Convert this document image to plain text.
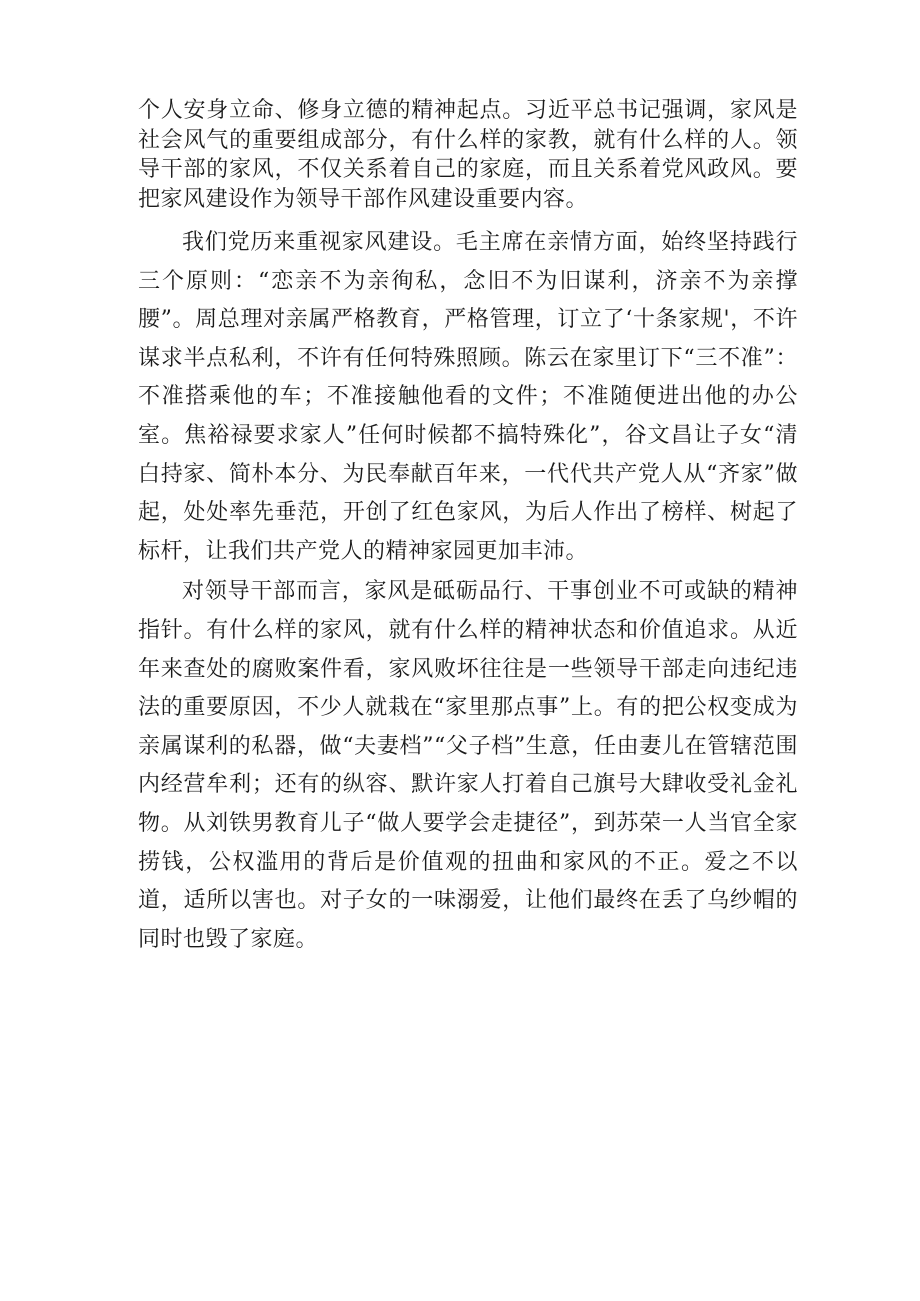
个人安身立命、修身立德的精神起点。习近平总书记强调，家风是社会风气的重要组成部分，有什么样的家教，就有什么样的人。领导干部的家风，不仅关系着自己的家庭，而且关系着党风政风。要把家风建设作为领导干部作风建设重要内容。

我们党历来重视家风建设。毛主席在亲情方面，始终坚持践行三个原则：“恋亲不为亲徇私，念旧不为旧谋利，济亲不为亲撑腰”。周总理对亲属严格教育，严格管理，订立了‘十条家规'，不许谋求半点私利，不许有任何特殊照顾。陈云在家里订下“三不准”：不准搭乘他的车；不准接触他看的文件；不准随便进出他的办公室。焦裕禄要求家人”任何时候都不搞特殊化”，谷文昌让子女“清白持家、简朴本分、为民奉献百年来，一代代共产党人从“齐家”做起，处处率先垂范，开创了红色家风，为后人作出了榜样、树起了标杆，让我们共产党人的精神家园更加丰沛。

对领导干部而言，家风是砥砺品行、干事创业不可或缺的精神指针。有什么样的家风，就有什么样的精神状态和价值追求。从近年来查处的腐败案件看，家风败坏往往是一些领导干部走向违纪违法的重要原因，不少人就栽在“家里那点事”上。有的把公权变成为亲属谋利的私器，做“夫妻档”“父子档”生意，任由妻儿在管辖范围内经营牟利；还有的纵容、默许家人打着自己旗号大肆收受礼金礼物。从刘铁男教育儿子“做人要学会走捷径”，到苏荣一人当官全家捞钱，公权滥用的背后是价值观的扭曲和家风的不正。爱之不以道，适所以害也。对子女的一味溺爱，让他们最终在丢了乌纱帽的同时也毁了家庭。
